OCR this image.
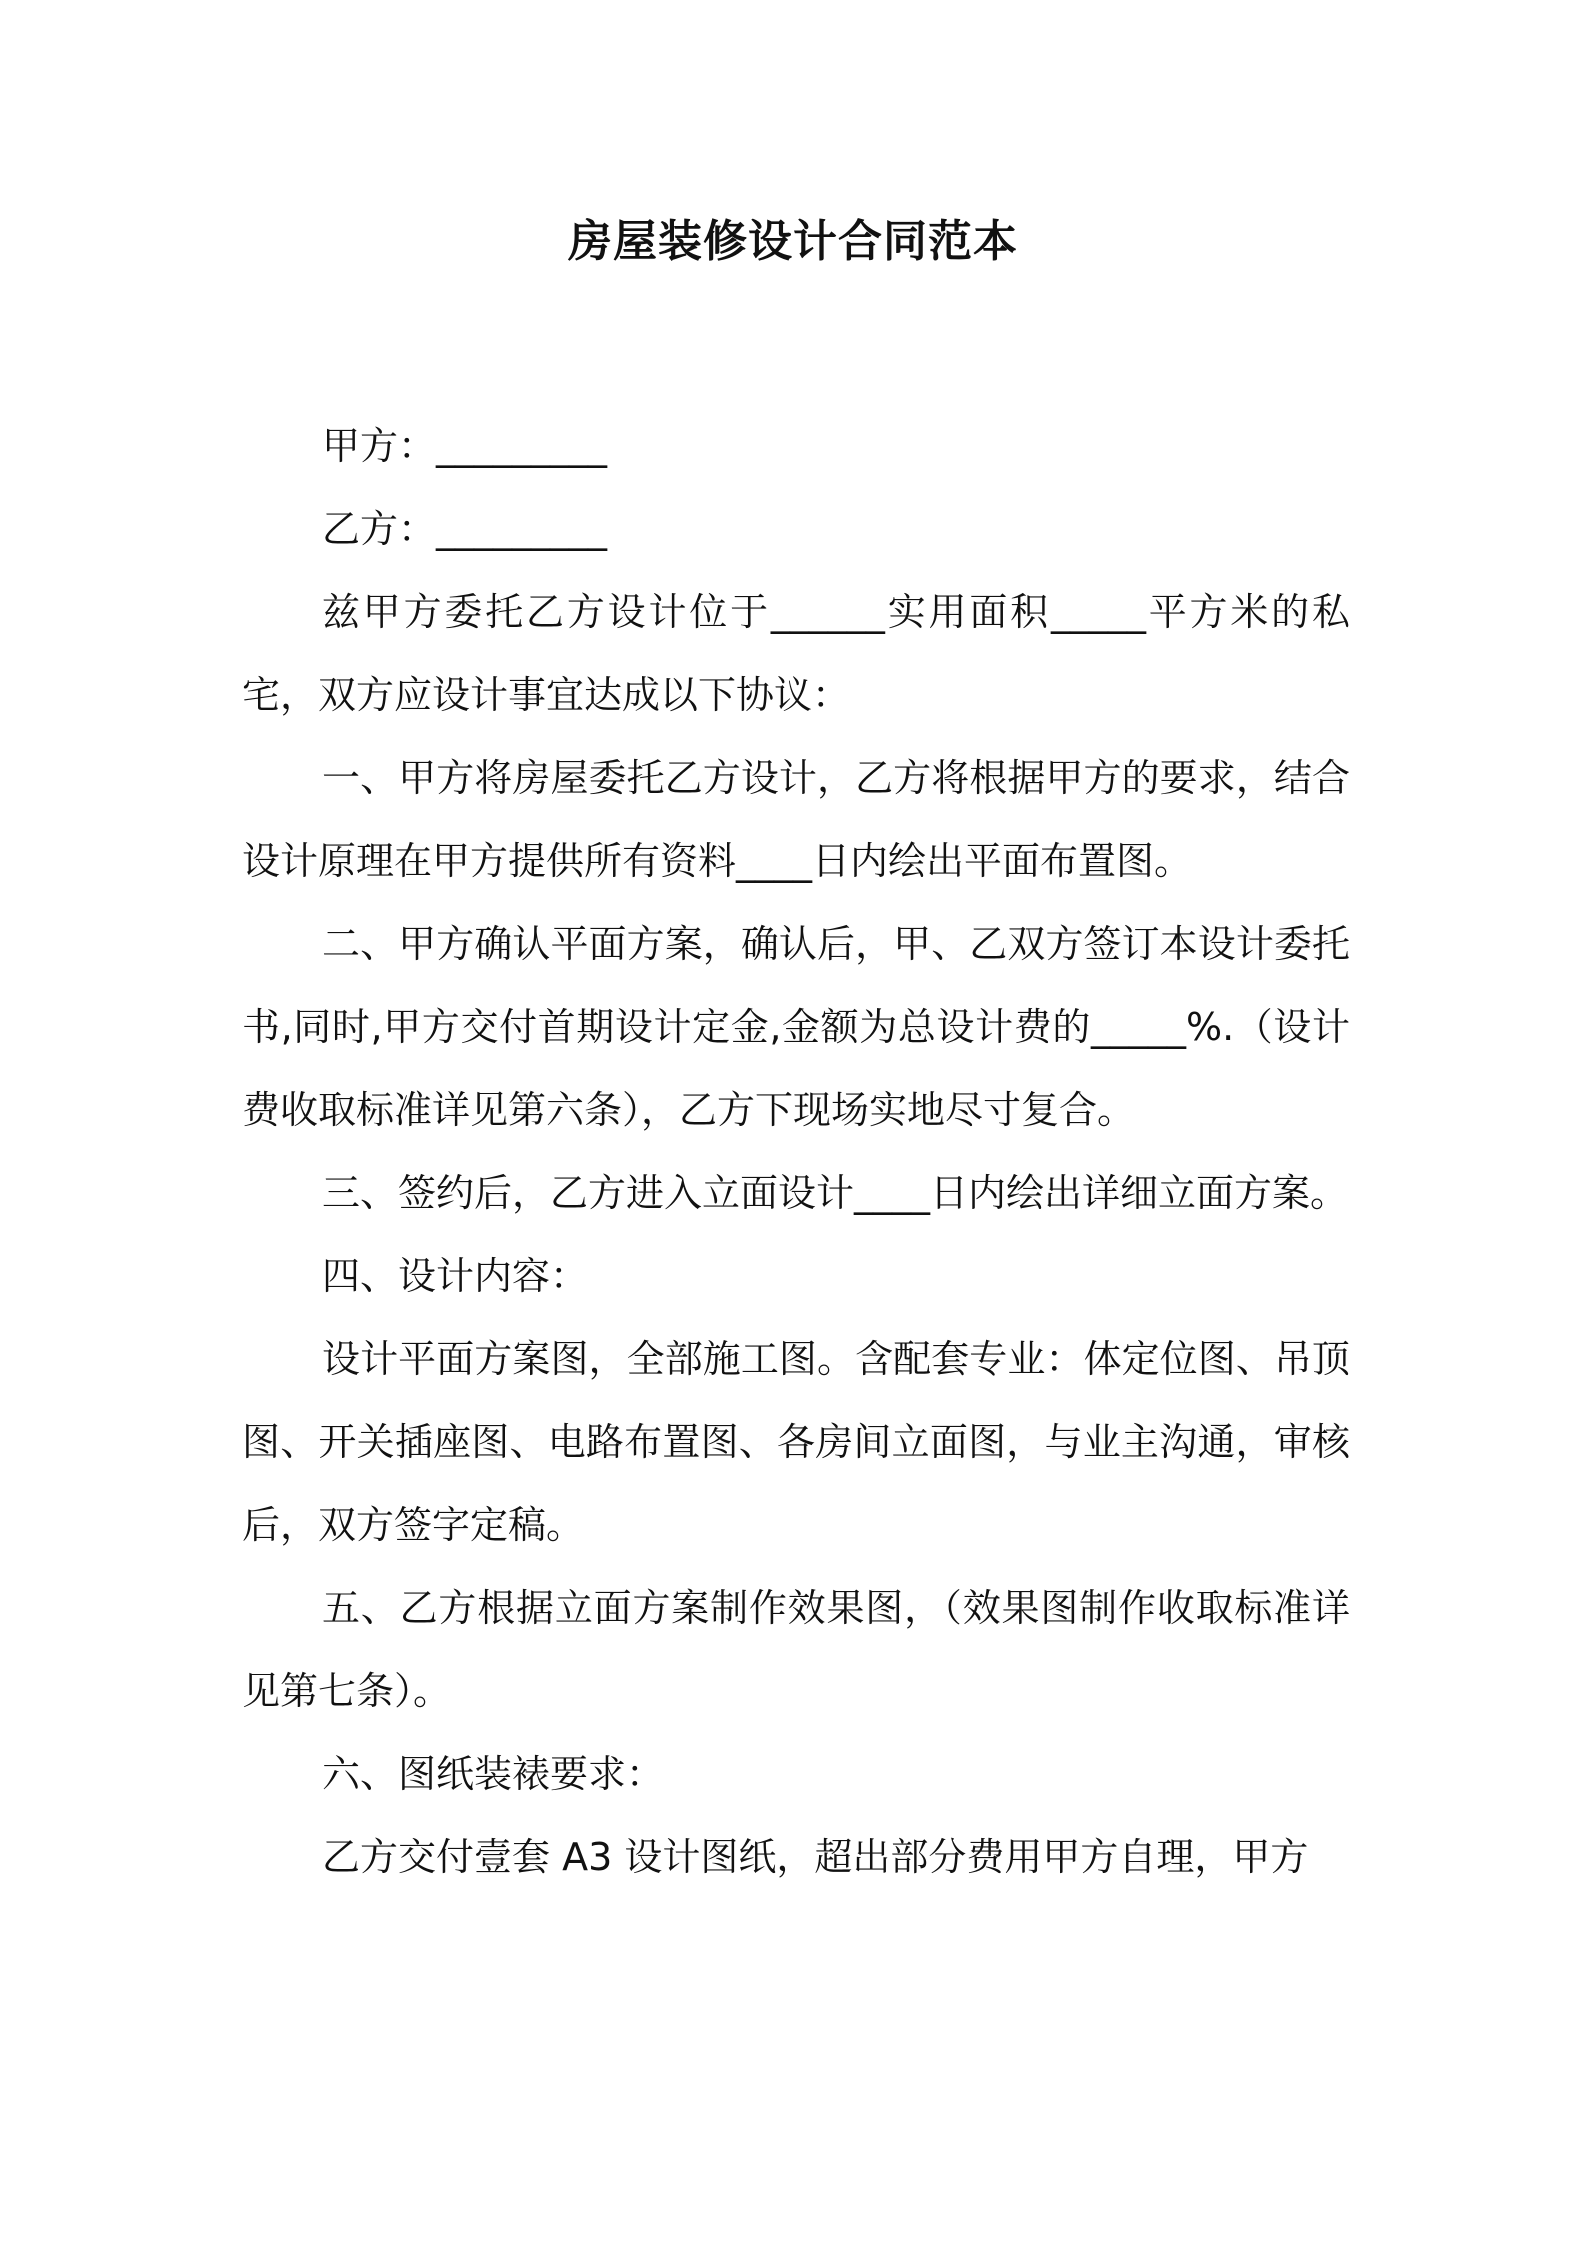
房屋装修设计合同范本

甲方：_________

乙方：_________

兹甲方委托乙方设计位于______实用面积_____平方米的私宅，双方应设计事宜达成以下协议：

一、甲方将房屋委托乙方设计，乙方将根据甲方的要求，结合设计原理在甲方提供所有资料____日内绘出平面布置图。

二、甲方确认平面方案，确认后，甲、乙双方签订本设计委托书,同时,甲方交付首期设计定金,金额为总设计费的_____%.（设计费收取标准详见第六条），乙方下现场实地尽寸复合。

三、签约后，乙方进入立面设计____日内绘出详细立面方案。

四、设计内容：

设计平面方案图，全部施工图。含配套专业：体定位图、吊顶图、开关插座图、电路布置图、各房间立面图，与业主沟通，审核后，双方签字定稿。

五、乙方根据立面方案制作效果图，（效果图制作收取标准详见第七条）。

六、图纸装裱要求：

乙方交付壹套 A3 设计图纸，超出部分费用甲方自理，甲方
